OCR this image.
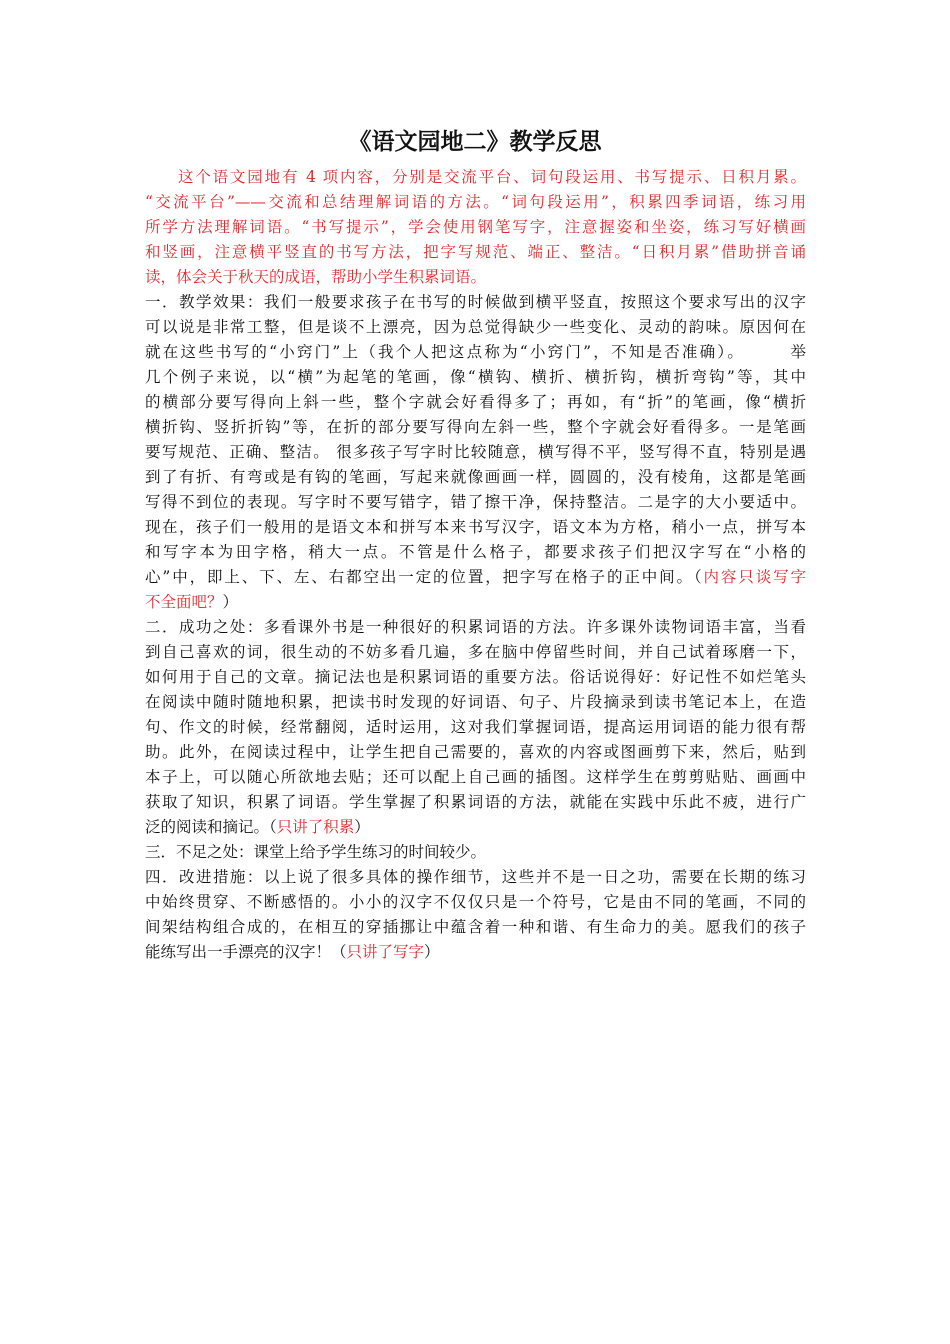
《语文园地二》教学反思
这个语文园地有 4 项内容，分别是交流平台、词句段运用、书写提示、日积月累。
“交流平台”——交流和总结理解词语的方法。“词句段运用”，积累四季词语，练习用
所学方法理解词语。“书写提示”，学会使用钢笔写字，注意握姿和坐姿，练习写好横画
和竖画，注意横平竖直的书写方法，把字写规范、端正、整洁。“日积月累”借助拼音诵
读，体会关于秋天的成语，帮助小学生积累词语。
一．教学效果：我们一般要求孩子在书写的时候做到横平竖直，按照这个要求写出的汉字
可以说是非常工整，但是谈不上漂亮，因为总觉得缺少一些变化、灵动的韵味。原因何在
就在这些书写的“小窍门”上（我个人把这点称为“小窍门”，不知是否准确）。　　　举
几个例子来说，以“横”为起笔的笔画，像“横钩、横折、横折钩，横折弯钩”等，其中
的横部分要写得向上斜一些，整个字就会好看得多了；再如，有“折”的笔画，像“横折
横折钩、竖折折钩”等，在折的部分要写得向左斜一些，整个字就会好看得多。一是笔画
要写规范、正确、整洁。 很多孩子写字时比较随意，横写得不平，竖写得不直，特别是遇
到了有折、有弯或是有钩的笔画，写起来就像画画一样，圆圆的，没有棱角，这都是笔画
写得不到位的表现。写字时不要写错字，错了擦干净，保持整洁。二是字的大小要适中。
现在，孩子们一般用的是语文本和拼写本来书写汉字，语文本为方格，稍小一点，拼写本
和写字本为田字格，稍大一点。不管是什么格子，都要求孩子们把汉字写在“小格的
心”中，即上、下、左、右都空出一定的位置，把字写在格子的正中间。（内容只谈写字
不全面吧？）
二．成功之处：多看课外书是一种很好的积累词语的方法。许多课外读物词语丰富，当看
到自己喜欢的词，很生动的不妨多看几遍，多在脑中停留些时间，并自己试着琢磨一下，
如何用于自己的文章。摘记法也是积累词语的重要方法。俗话说得好：好记性不如烂笔头
在阅读中随时随地积累，把读书时发现的好词语、句子、片段摘录到读书笔记本上，在造
句、作文的时候，经常翻阅，适时运用，这对我们掌握词语，提高运用词语的能力很有帮
助。此外，在阅读过程中，让学生把自己需要的，喜欢的内容或图画剪下来，然后，贴到
本子上，可以随心所欲地去贴；还可以配上自己画的插图。这样学生在剪剪贴贴、画画中
获取了知识，积累了词语。学生掌握了积累词语的方法，就能在实践中乐此不疲，进行广
泛的阅读和摘记。（只讲了积累）
三．不足之处：课堂上给予学生练习的时间较少。
四．改进措施：以上说了很多具体的操作细节，这些并不是一日之功，需要在长期的练习
中始终贯穿、不断感悟的。小小的汉字不仅仅只是一个符号，它是由不同的笔画，不同的
间架结构组合成的，在相互的穿插挪让中蕴含着一种和谐、有生命力的美。愿我们的孩子
能练写出一手漂亮的汉字！（只讲了写字）
